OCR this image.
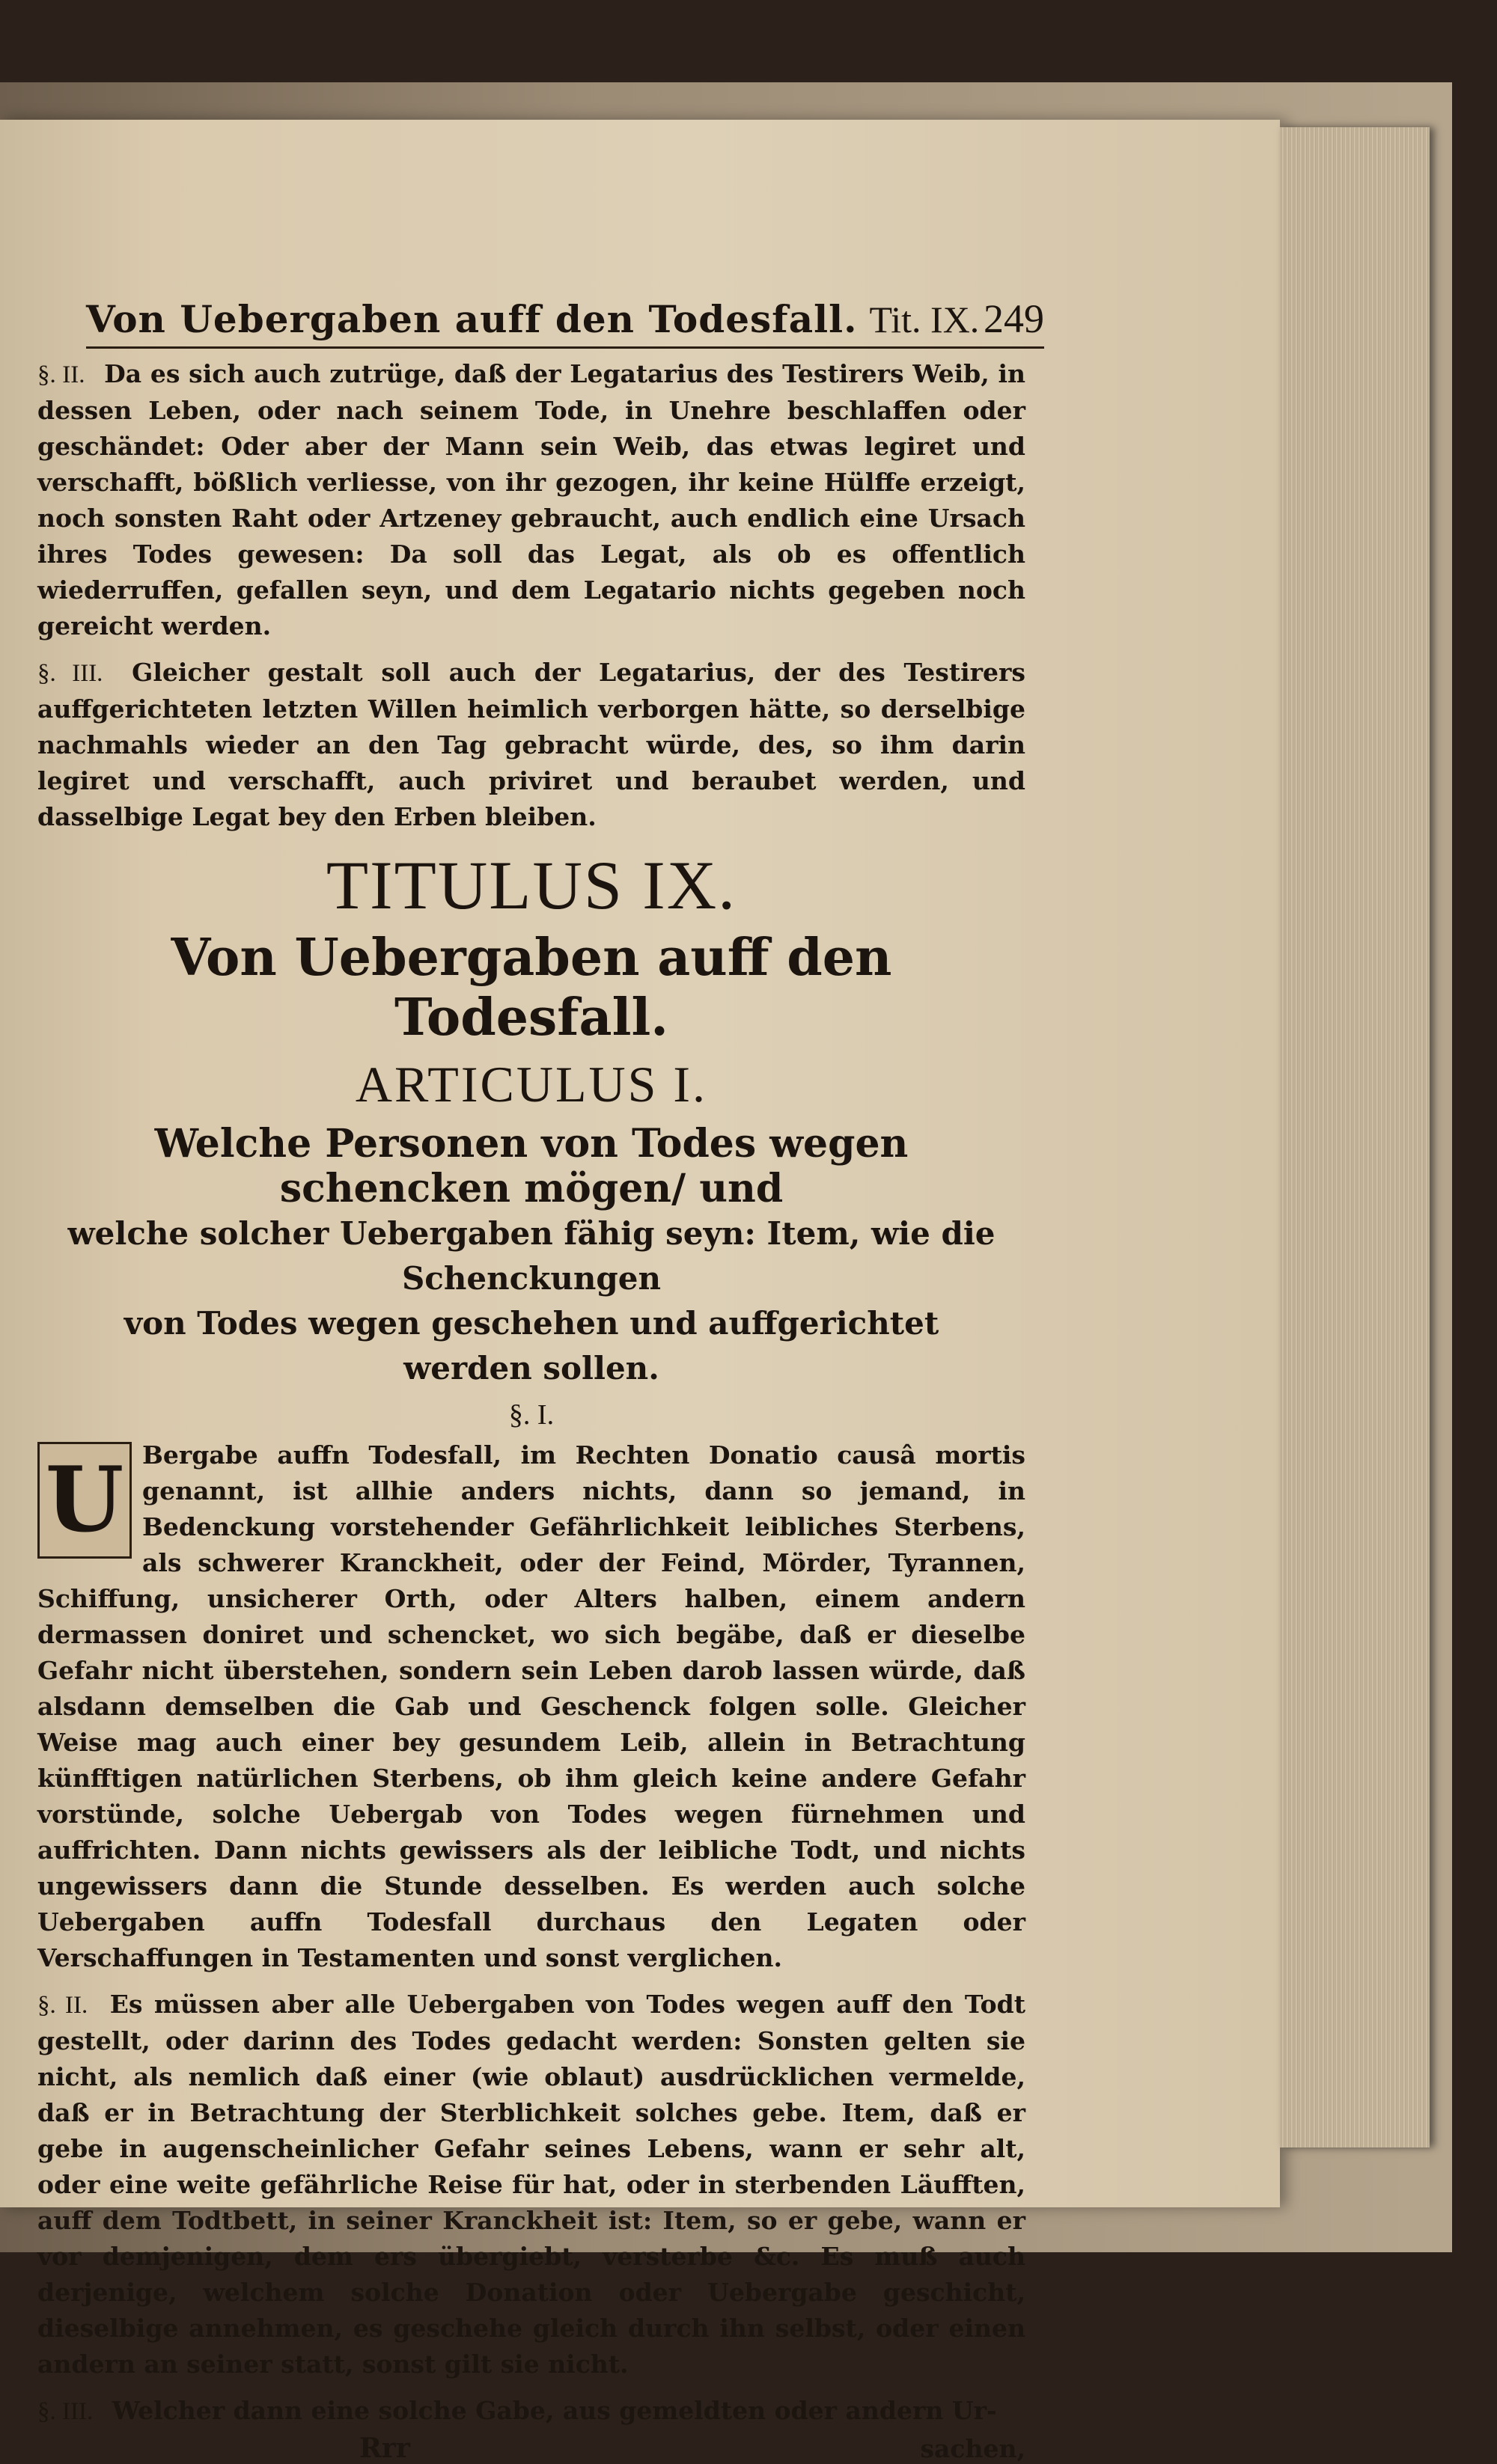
Von Uebergaben auff den Todesfall. Tit. IX. 249

§. II. Da es sich auch zutrüge, daß der Legatarius des Testirers Weib, in dessen Leben, oder nach seinem Tode, in Unehre beschlaffen oder geschändet: Oder aber der Mann sein Weib, das etwas legiret und verschafft, bößlich verliesse, von ihr gezogen, ihr keine Hülffe erzeigt, noch sonsten Raht oder Artzeney gebraucht, auch endlich eine Ursach ihres Todes gewesen: Da soll das Legat, als ob es offentlich wiederruffen, gefallen seyn, und dem Legatario nichts gegeben noch gereicht werden.

§. III. Gleicher gestalt soll auch der Legatarius, der des Testirers auffgerichteten letzten Willen heimlich verborgen hätte, so derselbige nachmahls wieder an den Tag gebracht würde, des, so ihm darin legiret und verschafft, auch priviret und beraubet werden, und dasselbige Legat bey den Erben bleiben.

TITULUS IX.
Von Uebergaben auff den Todesfall.
ARTICULUS I.
Welche Personen von Todes wegen schencken mögen/ und
welche solcher Uebergaben fähig seyn: Item, wie die Schenckungen
von Todes wegen geschehen und auffgerichtet
werden sollen.
§. I.

U Bergabe auffn Todesfall, im Rechten Donatio causâ mortis genannt, ist allhie anders nichts, dann so jemand, in Bedenckung vorstehender Gefährlichkeit leibliches Sterbens, als schwerer Kranckheit, oder der Feind, Mörder, Tyrannen, Schiffung, unsicherer Orth, oder Alters halben, einem andern dermassen doniret und schencket, wo sich begäbe, daß er dieselbe Gefahr nicht überstehen, sondern sein Leben darob lassen würde, daß alsdann demselben die Gab und Geschenck folgen solle. Gleicher Weise mag auch einer bey gesundem Leib, allein in Betrachtung künfftigen natürlichen Sterbens, ob ihm gleich keine andere Gefahr vorstünde, solche Uebergab von Todes wegen fürnehmen und auffrichten. Dann nichts gewissers als der leibliche Todt, und nichts ungewissers dann die Stunde desselben. Es werden auch solche Uebergaben auffn Todesfall durchaus den Legaten oder Verschaffungen in Testamenten und sonst verglichen.

§. II. Es müssen aber alle Uebergaben von Todes wegen auff den Todt gestellt, oder darinn des Todes gedacht werden: Sonsten gelten sie nicht, als nemlich daß einer (wie oblaut) ausdrücklichen vermelde, daß er in Betrachtung der Sterblichkeit solches gebe. Item, daß er gebe in augenscheinlicher Gefahr seines Lebens, wann er sehr alt, oder eine weite gefährliche Reise für hat, oder in sterbenden Läufften, auff dem Todtbett, in seiner Kranckheit ist: Item, so er gebe, wann er vor demjenigen, dem ers übergiebt, versterbe &c. Es muß auch derjenige, welchem solche Donation oder Uebergabe geschicht, dieselbige annehmen, es geschehe gleich durch ihn selbst, oder einen andern an seiner statt, sonst gilt sie nicht.

§. III. Welcher dann eine solche Gabe, aus gemeldten oder andern Ur-

Rrr	sachen,
